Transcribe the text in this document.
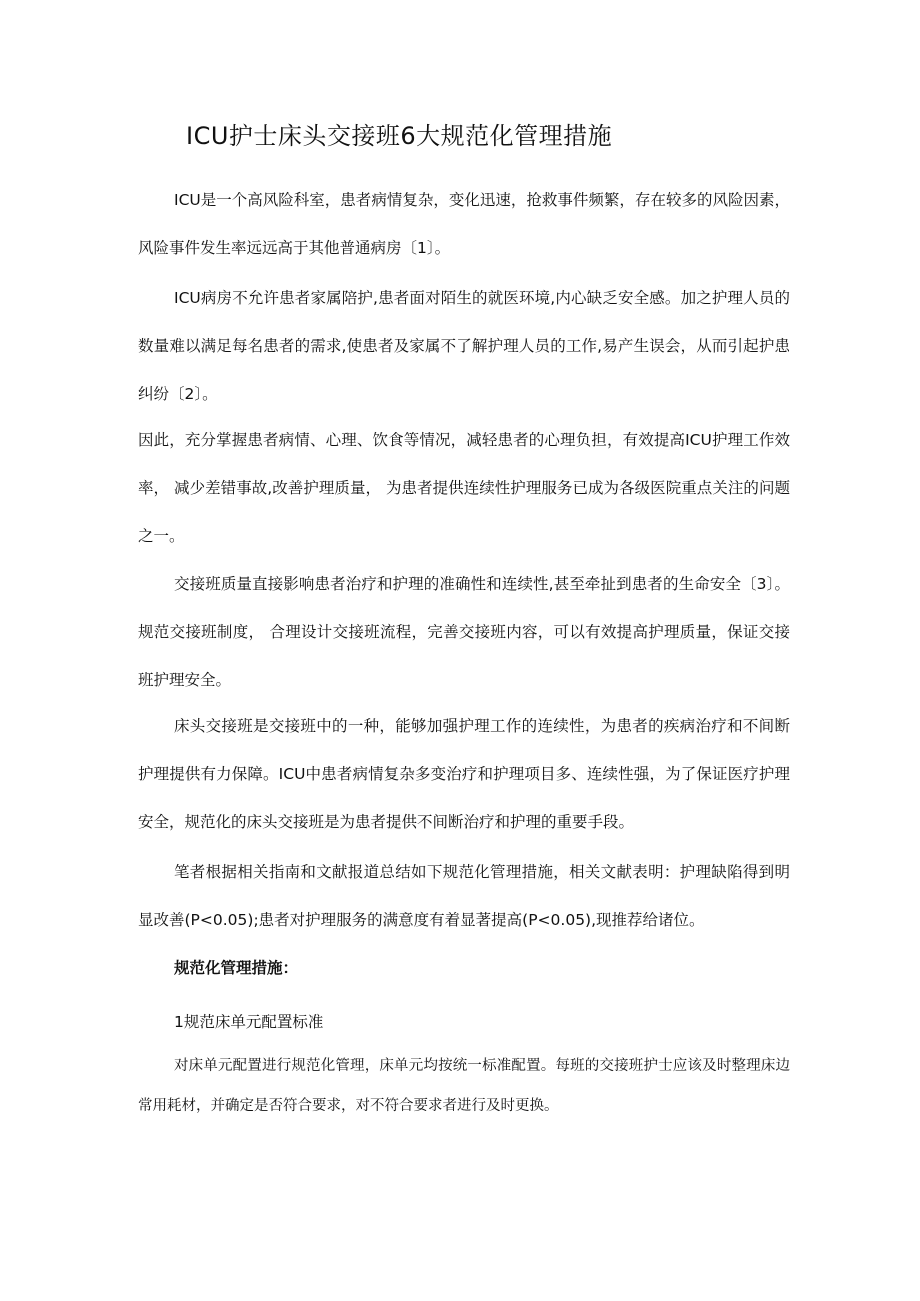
ICU护士床头交接班6大规范化管理措施

ICU是一个高风险科室，患者病情复杂，变化迅速，抢救事件频繁，存在较多的风险因素，风险事件发生率远远高于其他普通病房〔1〕。

ICU病房不允许患者家属陪护,患者面对陌生的就医环境,内心缺乏安全感。加之护理人员的数量难以满足每名患者的需求,使患者及家属不了解护理人员的工作,易产生误会，从而引起护患纠纷〔2〕。

因此，充分掌握患者病情、心理、饮食等情况，减轻患者的心理负担，有效提高ICU护理工作效率， 减少差错事故,改善护理质量， 为患者提供连续性护理服务已成为各级医院重点关注的问题之一。

交接班质量直接影响患者治疗和护理的准确性和连续性,甚至牵扯到患者的生命安全〔3〕。规范交接班制度， 合理设计交接班流程，完善交接班内容，可以有效提高护理质量，保证交接班护理安全。

床头交接班是交接班中的一种，能够加强护理工作的连续性，为患者的疾病治疗和不间断护理提供有力保障。ICU中患者病情复杂多变治疗和护理项目多、连续性强，为了保证医疗护理安全，规范化的床头交接班是为患者提供不间断治疗和护理的重要手段。

笔者根据相关指南和文献报道总结如下规范化管理措施，相关文献表明：护理缺陷得到明显改善(P<0.05);患者对护理服务的满意度有着显著提高(P<0.05),现推荐给诸位。

规范化管理措施：
1规范床单元配置标准

对床单元配置进行规范化管理，床单元均按统一标准配置。每班的交接班护士应该及时整理床边常用耗材，并确定是否符合要求，对不符合要求者进行及时更换。
